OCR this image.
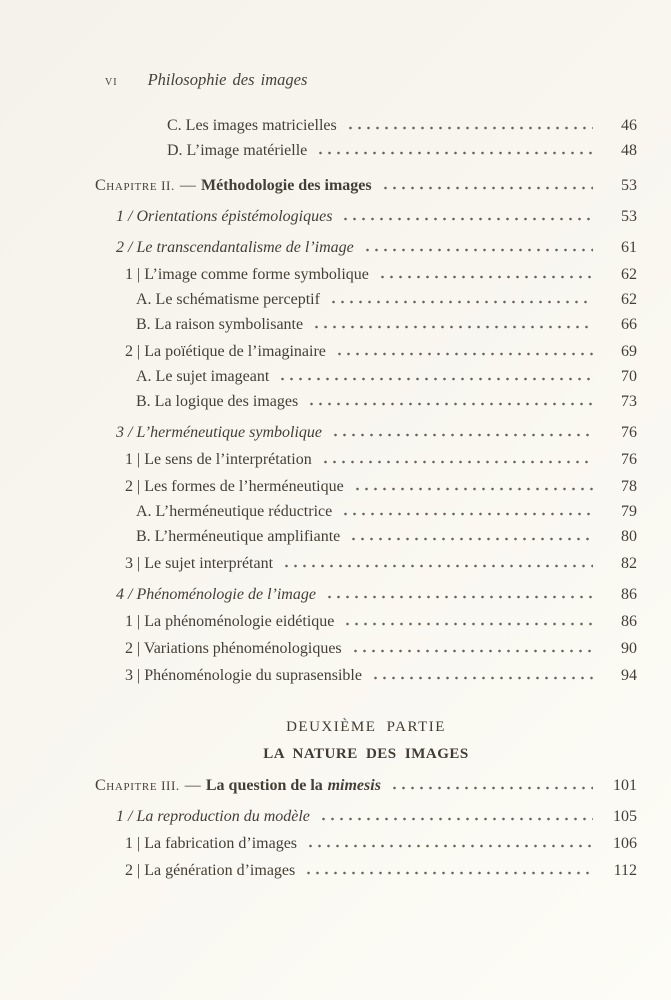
vi Philosophie des images
C. Les images matricielles	46
D. L’image matérielle	48
Chapitre II. — Méthodologie des images	53
1 / Orientations épistémologiques	53
2 / Le transcendantalisme de l’image	61
1 | L’image comme forme symbolique	62
A. Le schématisme perceptif	62
B. La raison symbolisante	66
2 | La poïétique de l’imaginaire	69
A. Le sujet imageant	70
B. La logique des images	73
3 / L’herméneutique symbolique	76
1 | Le sens de l’interprétation	76
2 | Les formes de l’herméneutique	78
A. L’herméneutique réductrice	79
B. L’herméneutique amplifiante	80
3 | Le sujet interprétant	82
4 / Phénoménologie de l’image	86
1 | La phénoménologie eidétique	86
2 | Variations phénoménologiques	90
3 | Phénoménologie du suprasensible	94
DEUXIÈME PARTIE
LA NATURE DES IMAGES
Chapitre III. — La question de la mimesis	101
1 / La reproduction du modèle	105
1 | La fabrication d’images	106
2 | La génération d’images	112
